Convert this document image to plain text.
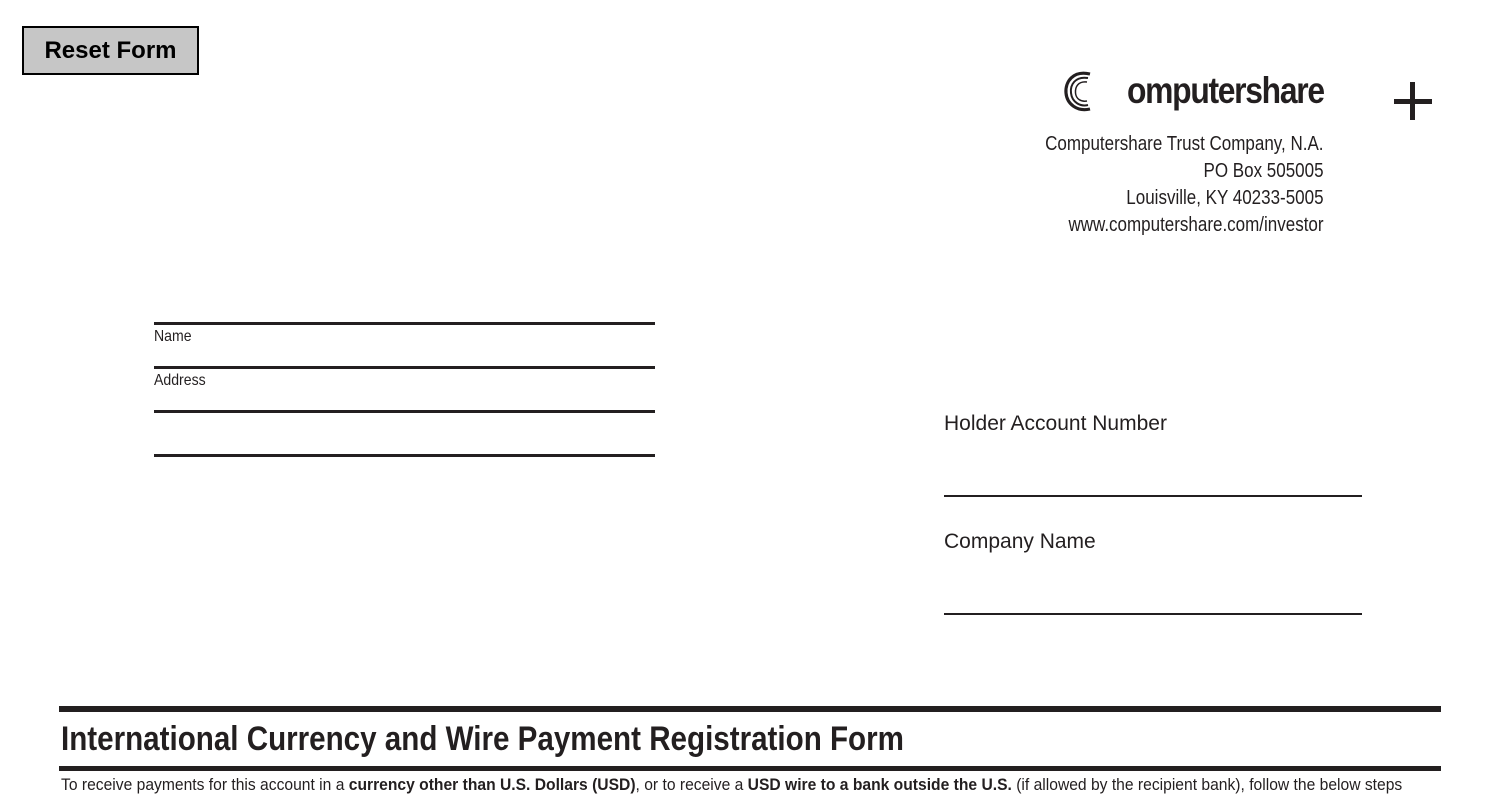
Reset Form
omputershare
Computershare Trust Company, N.A.
PO Box 505005
Louisville, KY 40233-5005
www.computershare.com/investor
Name
Address
Holder Account Number
Company Name
International Currency and Wire Payment Registration Form
To receive payments for this account in a currency other than U.S. Dollars (USD), or to receive a USD wire to a bank outside the U.S. (if allowed by the recipient bank), follow the below steps
